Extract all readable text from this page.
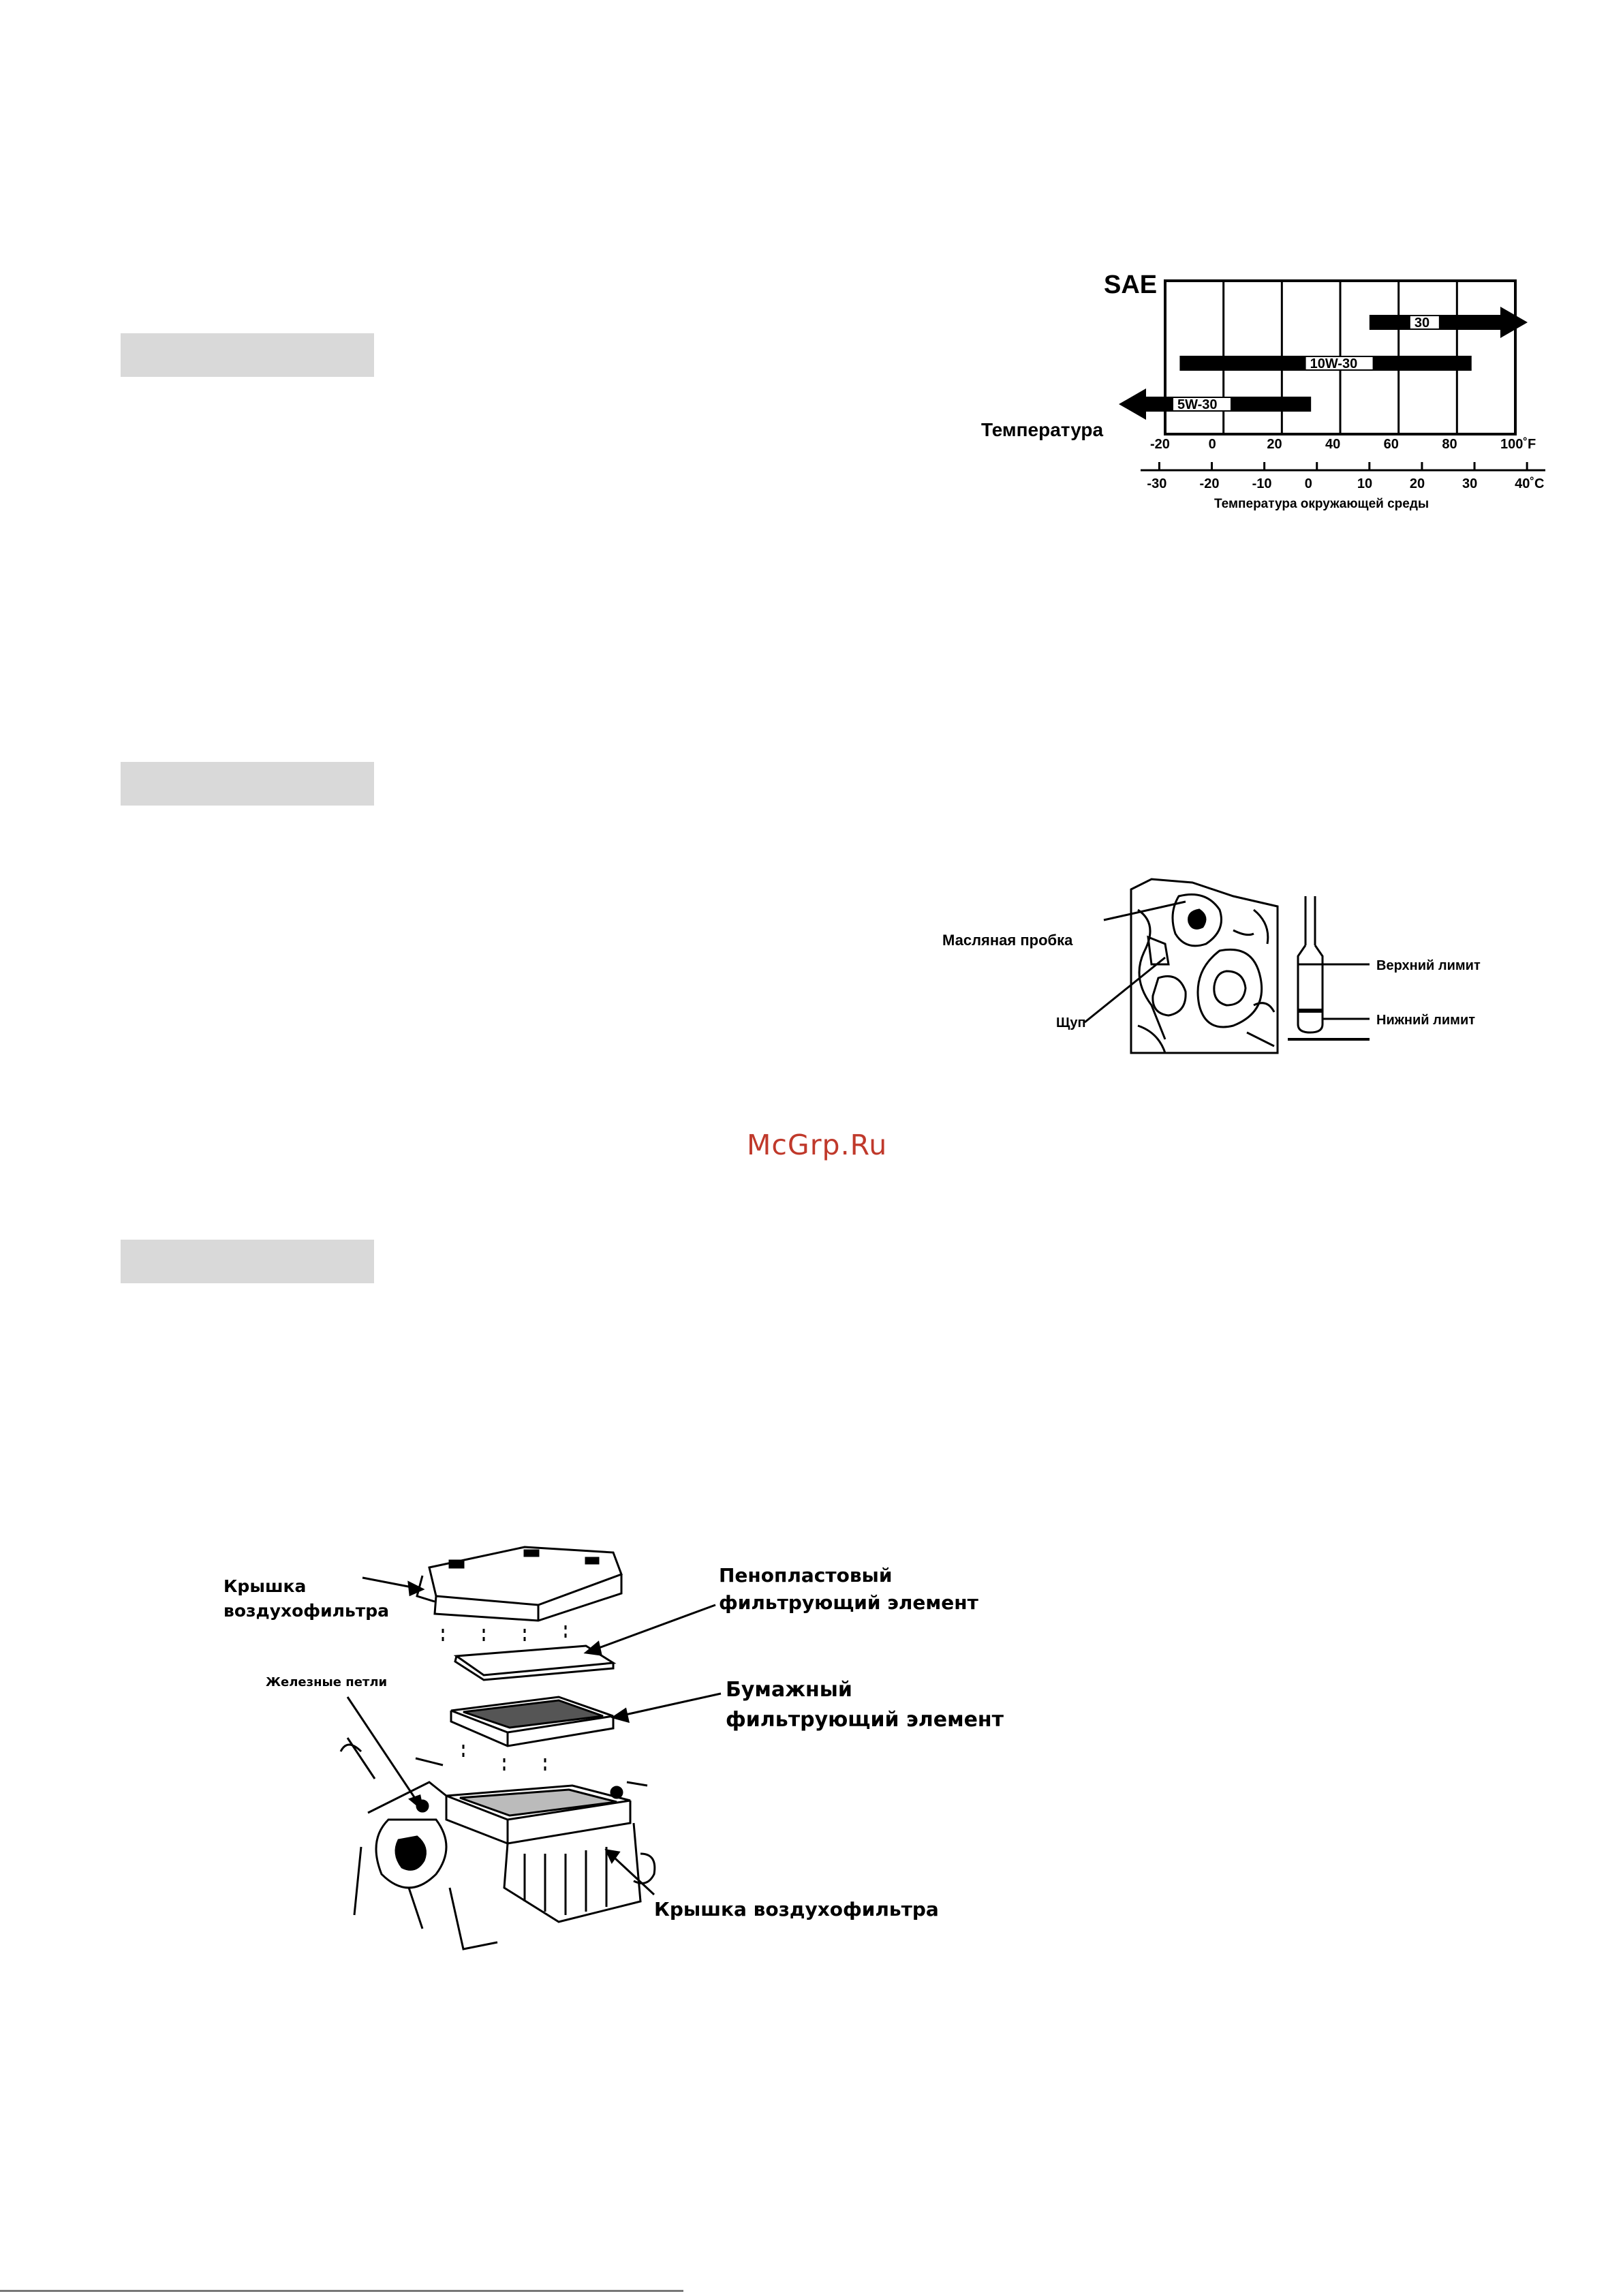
30
10W-30
5W-30
SAE
Температура
-20	0	20	40	60	80	100˚F
-30 -20 -10 0	10	20	30	40˚C
Температура окружающей среды
Масляная пробка
Щуп
Верхний лимит
Нижний лимит
McGrp.Ru
Крышка
воздухофильтра
Пенопластовый
фильтрующий элемент
Железные петли	Бумажный
фильтрующий элемент
Крышка воздухофильтра
